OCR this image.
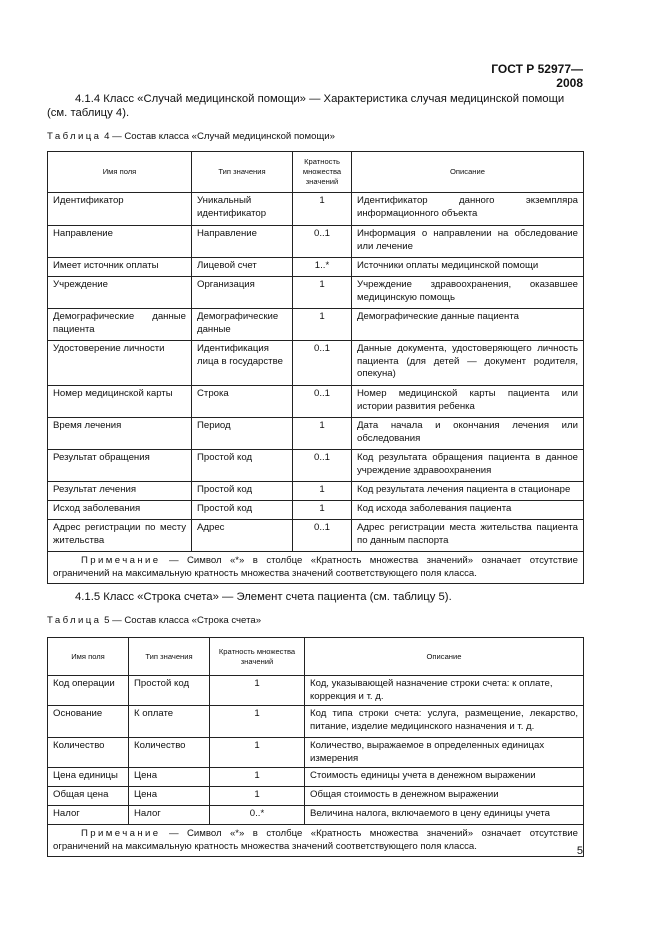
ГОСТ Р 52977—2008
4.1.4 Класс «Случай медицинской помощи» — Характеристика случая медицинской помощи (см. таблицу 4).
Таблица 4 — Состав класса «Случай медицинской помощи»
Имя поля	Тип значения	Кратность множества значений	Описание
Идентификатор	Уникальный идентификатор	1	Идентификатор данного экземпляра информационного объекта
Направление	Направление	0..1	Информация о направлении на обследование или лечение
Имеет источник оплаты	Лицевой счет	1..*	Источники оплаты медицинской помощи
Учреждение	Организация	1	Учреждение здравоохранения, оказавшее медицинскую помощь
Демографические данные пациента	Демографические данные	1	Демографические данные пациента
Удостоверение личности	Идентификация лица в государстве	0..1	Данные документа, удостоверяющего личность пациента (для детей — документ родителя, опекуна)
Номер медицинской карты	Строка	0..1	Номер медицинской карты пациента или истории развития ребенка
Время лечения	Период	1	Дата начала и окончания лечения или обследования
Результат обращения	Простой код	0..1	Код результата обращения пациента в данное учреждение здравоохранения
Результат лечения	Простой код	1	Код результата лечения пациента в стационаре
Исход заболевания	Простой код	1	Код исхода заболевания пациента
Адрес регистрации по месту жительства	Адрес	0..1	Адрес регистрации места жительства пациента по данным паспорта
Примечание — Символ «*» в столбце «Кратность множества значений» означает отсутствие ограничений на максимальную кратность множества значений соответствующего поля класса.			
4.1.5 Класс «Строка счета» — Элемент счета пациента (см. таблицу 5).
Таблица 5 — Состав класса «Строка счета»
Имя поля	Тип значения	Кратность множества значений	Описание
Код операции	Простой код	1	Код, указывающей назначение строки счета: к оплате, коррекция и т. д.
Основание	К оплате	1	Код типа строки счета: услуга, размещение, лекарство, питание, изделие медицинского назначения и т. д.
Количество	Количество	1	Количество, выражаемое в определенных единицах измерения
Цена единицы	Цена	1	Стоимость единицы учета в денежном выражении
Общая цена	Цена	1	Общая стоимость в денежном выражении
Налог	Налог	0..*	Величина налога, включаемого в цену единицы учета
Примечание — Символ «*» в столбце «Кратность множества значений» означает отсутствие ограничений на максимальную кратность множества значений соответствующего поля класса.				5
